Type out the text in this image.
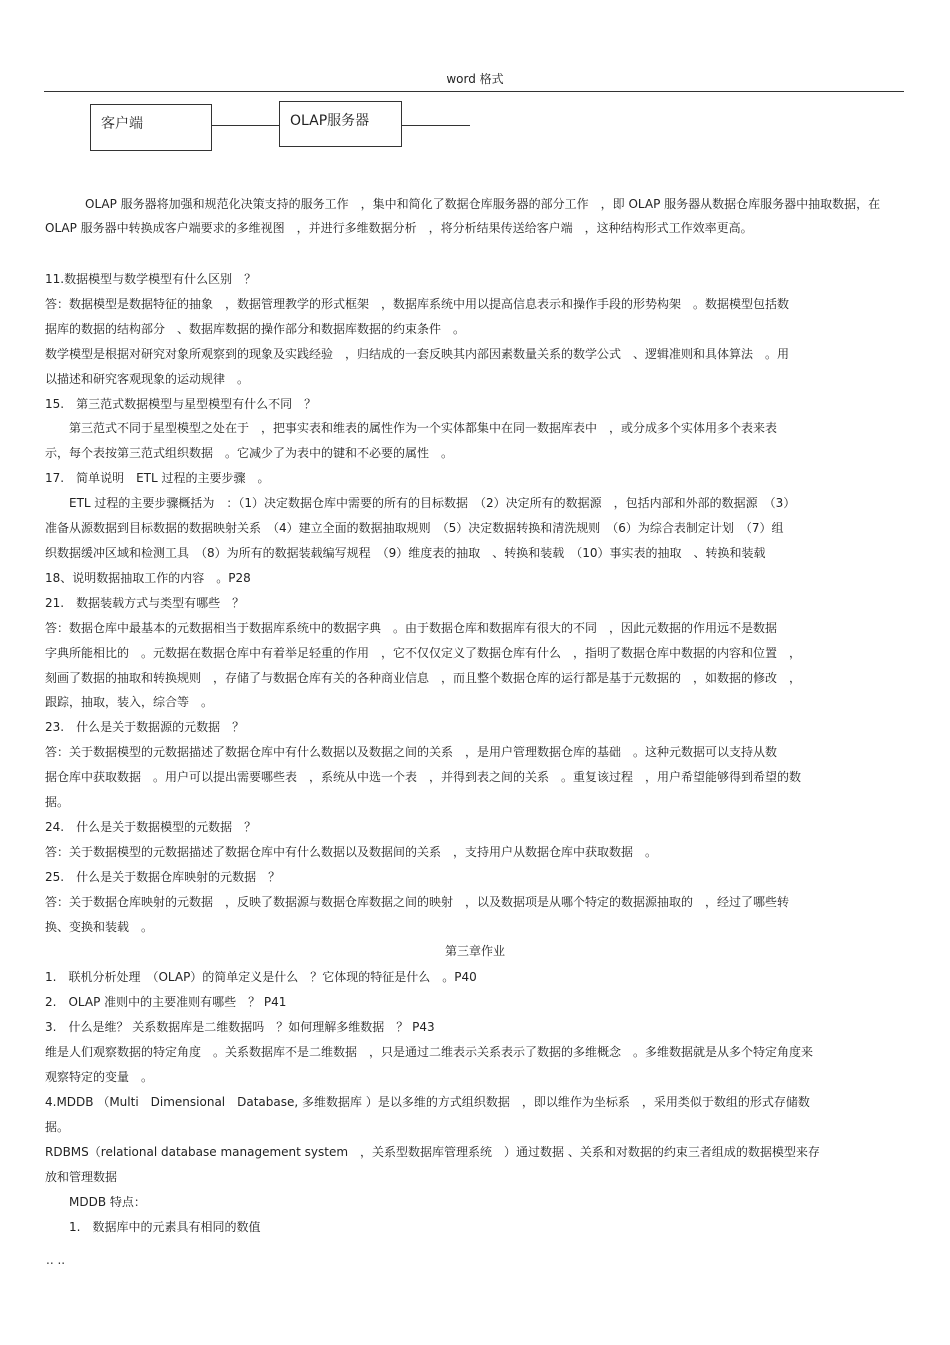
word 格式
客户端	OLAP服务器
OLAP 服务器将加强和规范化决策支持的服务工作　，集中和简化了数据仓库服务器的部分工作　，即 OLAP 服务器从数据仓库服务器中抽取数据，在 OLAP 服务器中转换成客户端要求的多维视图　，并进行多维数据分析　，将分析结果传送给客户端　，这种结构形式工作效率更高。
11.数据模型与数学模型有什么区别　？
答：数据模型是数据特征的抽象　，数据管理教学的形式框架　，数据库系统中用以提高信息表示和操作手段的形势构架　。数据模型包括数
据库的数据的结构部分　、数据库数据的操作部分和数据库数据的约束条件　。
数学模型是根据对研究对象所观察到的现象及实践经验　，归结成的一套反映其内部因素数量关系的数学公式　、逻辑准则和具体算法　。用
以描述和研究客观现象的运动规律　。
15.　第三范式数据模型与星型模型有什么不同　？
　　第三范式不同于星型模型之处在于　，把事实表和维表的属性作为一个实体都集中在同一数据库表中　，或分成多个实体用多个表来表
示，每个表按第三范式组织数据　。它减少了为表中的键和不必要的属性　。
17.　简单说明　ETL 过程的主要步骤　。
　　ETL 过程的主要步骤概括为　：（1）决定数据仓库中需要的所有的目标数据　（2）决定所有的数据源　，包括内部和外部的数据源　（3）
准备从源数据到目标数据的数据映射关系　（4）建立全面的数据抽取规则　（5）决定数据转换和清洗规则　（6）为综合表制定计划　（7）组
织数据缓冲区域和检测工具　（8）为所有的数据装载编写规程　（9）维度表的抽取　、转换和装载　（10）事实表的抽取　、转换和装载
18、说明数据抽取工作的内容　。P28
21.　数据装载方式与类型有哪些　？
答：数据仓库中最基本的元数据相当于数据库系统中的数据字典　。由于数据仓库和数据库有很大的不同　，因此元数据的作用远不是数据
字典所能相比的　。元数据在数据仓库中有着举足轻重的作用　，它不仅仅定义了数据仓库有什么　，指明了数据仓库中数据的内容和位置　，
刻画了数据的抽取和转换规则　，存储了与数据仓库有关的各种商业信息　，而且整个数据仓库的运行都是基于元数据的　，如数据的修改　，
跟踪，抽取，装入，综合等　。
23.　什么是关于数据源的元数据　？
答：关于数据模型的元数据描述了数据仓库中有什么数据以及数据之间的关系　，是用户管理数据仓库的基础　。这种元数据可以支持从数
据仓库中获取数据　。用户可以提出需要哪些表　，系统从中选一个表　，并得到表之间的关系　。重复该过程　，用户希望能够得到希望的数
据。
24.　什么是关于数据模型的元数据　？
答：关于数据模型的元数据描述了数据仓库中有什么数据以及数据间的关系　，支持用户从数据仓库中获取数据　。
25.　什么是关于数据仓库映射的元数据　？
答：关于数据仓库映射的元数据　，反映了数据源与数据仓库数据之间的映射　，以及数据项是从哪个特定的数据源抽取的　，经过了哪些转
换、变换和装载　。
第三章作业
1.　联机分析处理　（OLAP）的简单定义是什么　？它体现的特征是什么　。P40
2.　OLAP 准则中的主要准则有哪些　？ P41
3.　什么是维？ 关系数据库是二维数据吗　？如何理解多维数据　？ P43
维是人们观察数据的特定角度　。关系数据库不是二维数据　，只是通过二维表示关系表示了数据的多维概念　。多维数据就是从多个特定角度来
观察特定的变量　。
4.MDDB （Multi　Dimensional　Database, 多维数据库 ）是以多维的方式组织数据　，即以维作为坐标系　，采用类似于数组的形式存储数
据。
RDBMS（relational database management system　，关系型数据库管理系统　）通过数据 、关系和对数据的约束三者组成的数据模型来存
放和管理数据
　　MDDB 特点：
　　1.　数据库中的元素具有相同的数值
.. ..
